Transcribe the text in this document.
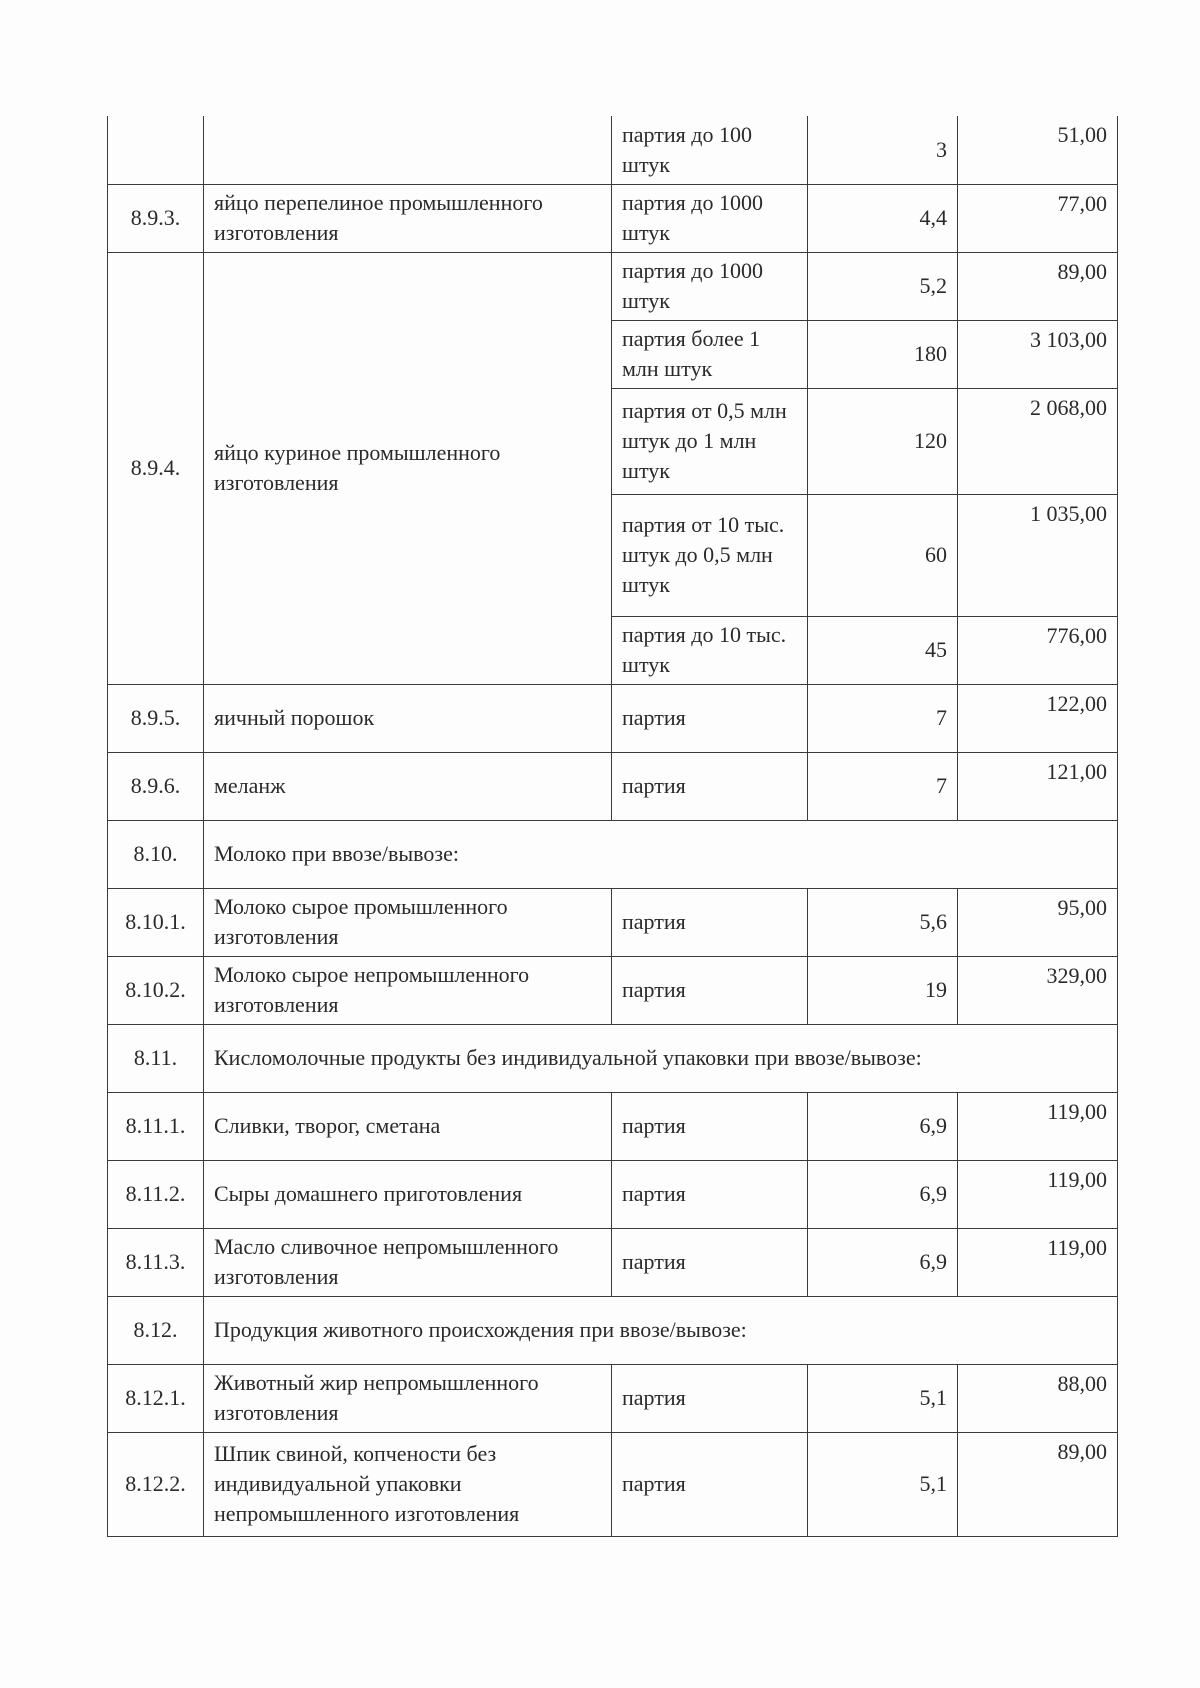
		партия до 100 штук	3	51,00
8.9.3.	яйцо перепелиное промышленного изготовления	партия до 1000 штук	4,4	77,00
8.9.4.	яйцо куриное промышленного изготовления	партия до 1000 штук	5,2	89,00
		партия более 1 млн штук	180	3 103,00
		партия от 0,5 млн штук до 1 млн штук	120	2 068,00
		партия от 10 тыс. штук до 0,5 млн штук	60	1 035,00
		партия до 10 тыс. штук	45	776,00
8.9.5.	яичный порошок	партия	7	122,00
8.9.6.	меланж	партия	7	121,00
8.10.	Молоко при ввозе/вывозе:			
8.10.1.	Молоко сырое промышленного изготовления	партия	5,6	95,00
8.10.2.	Молоко сырое непромышленного изготовления	партия	19	329,00
8.11.	Кисломолочные продукты без индивидуальной упаковки при ввозе/вывозе:			
8.11.1.	Сливки, творог, сметана	партия	6,9	119,00
8.11.2.	Сыры домашнего приготовления	партия	6,9	119,00
8.11.3.	Масло сливочное непромышленного изготовления	партия	6,9	119,00
8.12.	Продукция животного происхождения при ввозе/вывозе:			
8.12.1.	Животный жир непромышленного изготовления	партия	5,1	88,00
8.12.2.	Шпик свиной, копчености без индивидуальной упаковки непромышленного изготовления	партия	5,1	89,00
